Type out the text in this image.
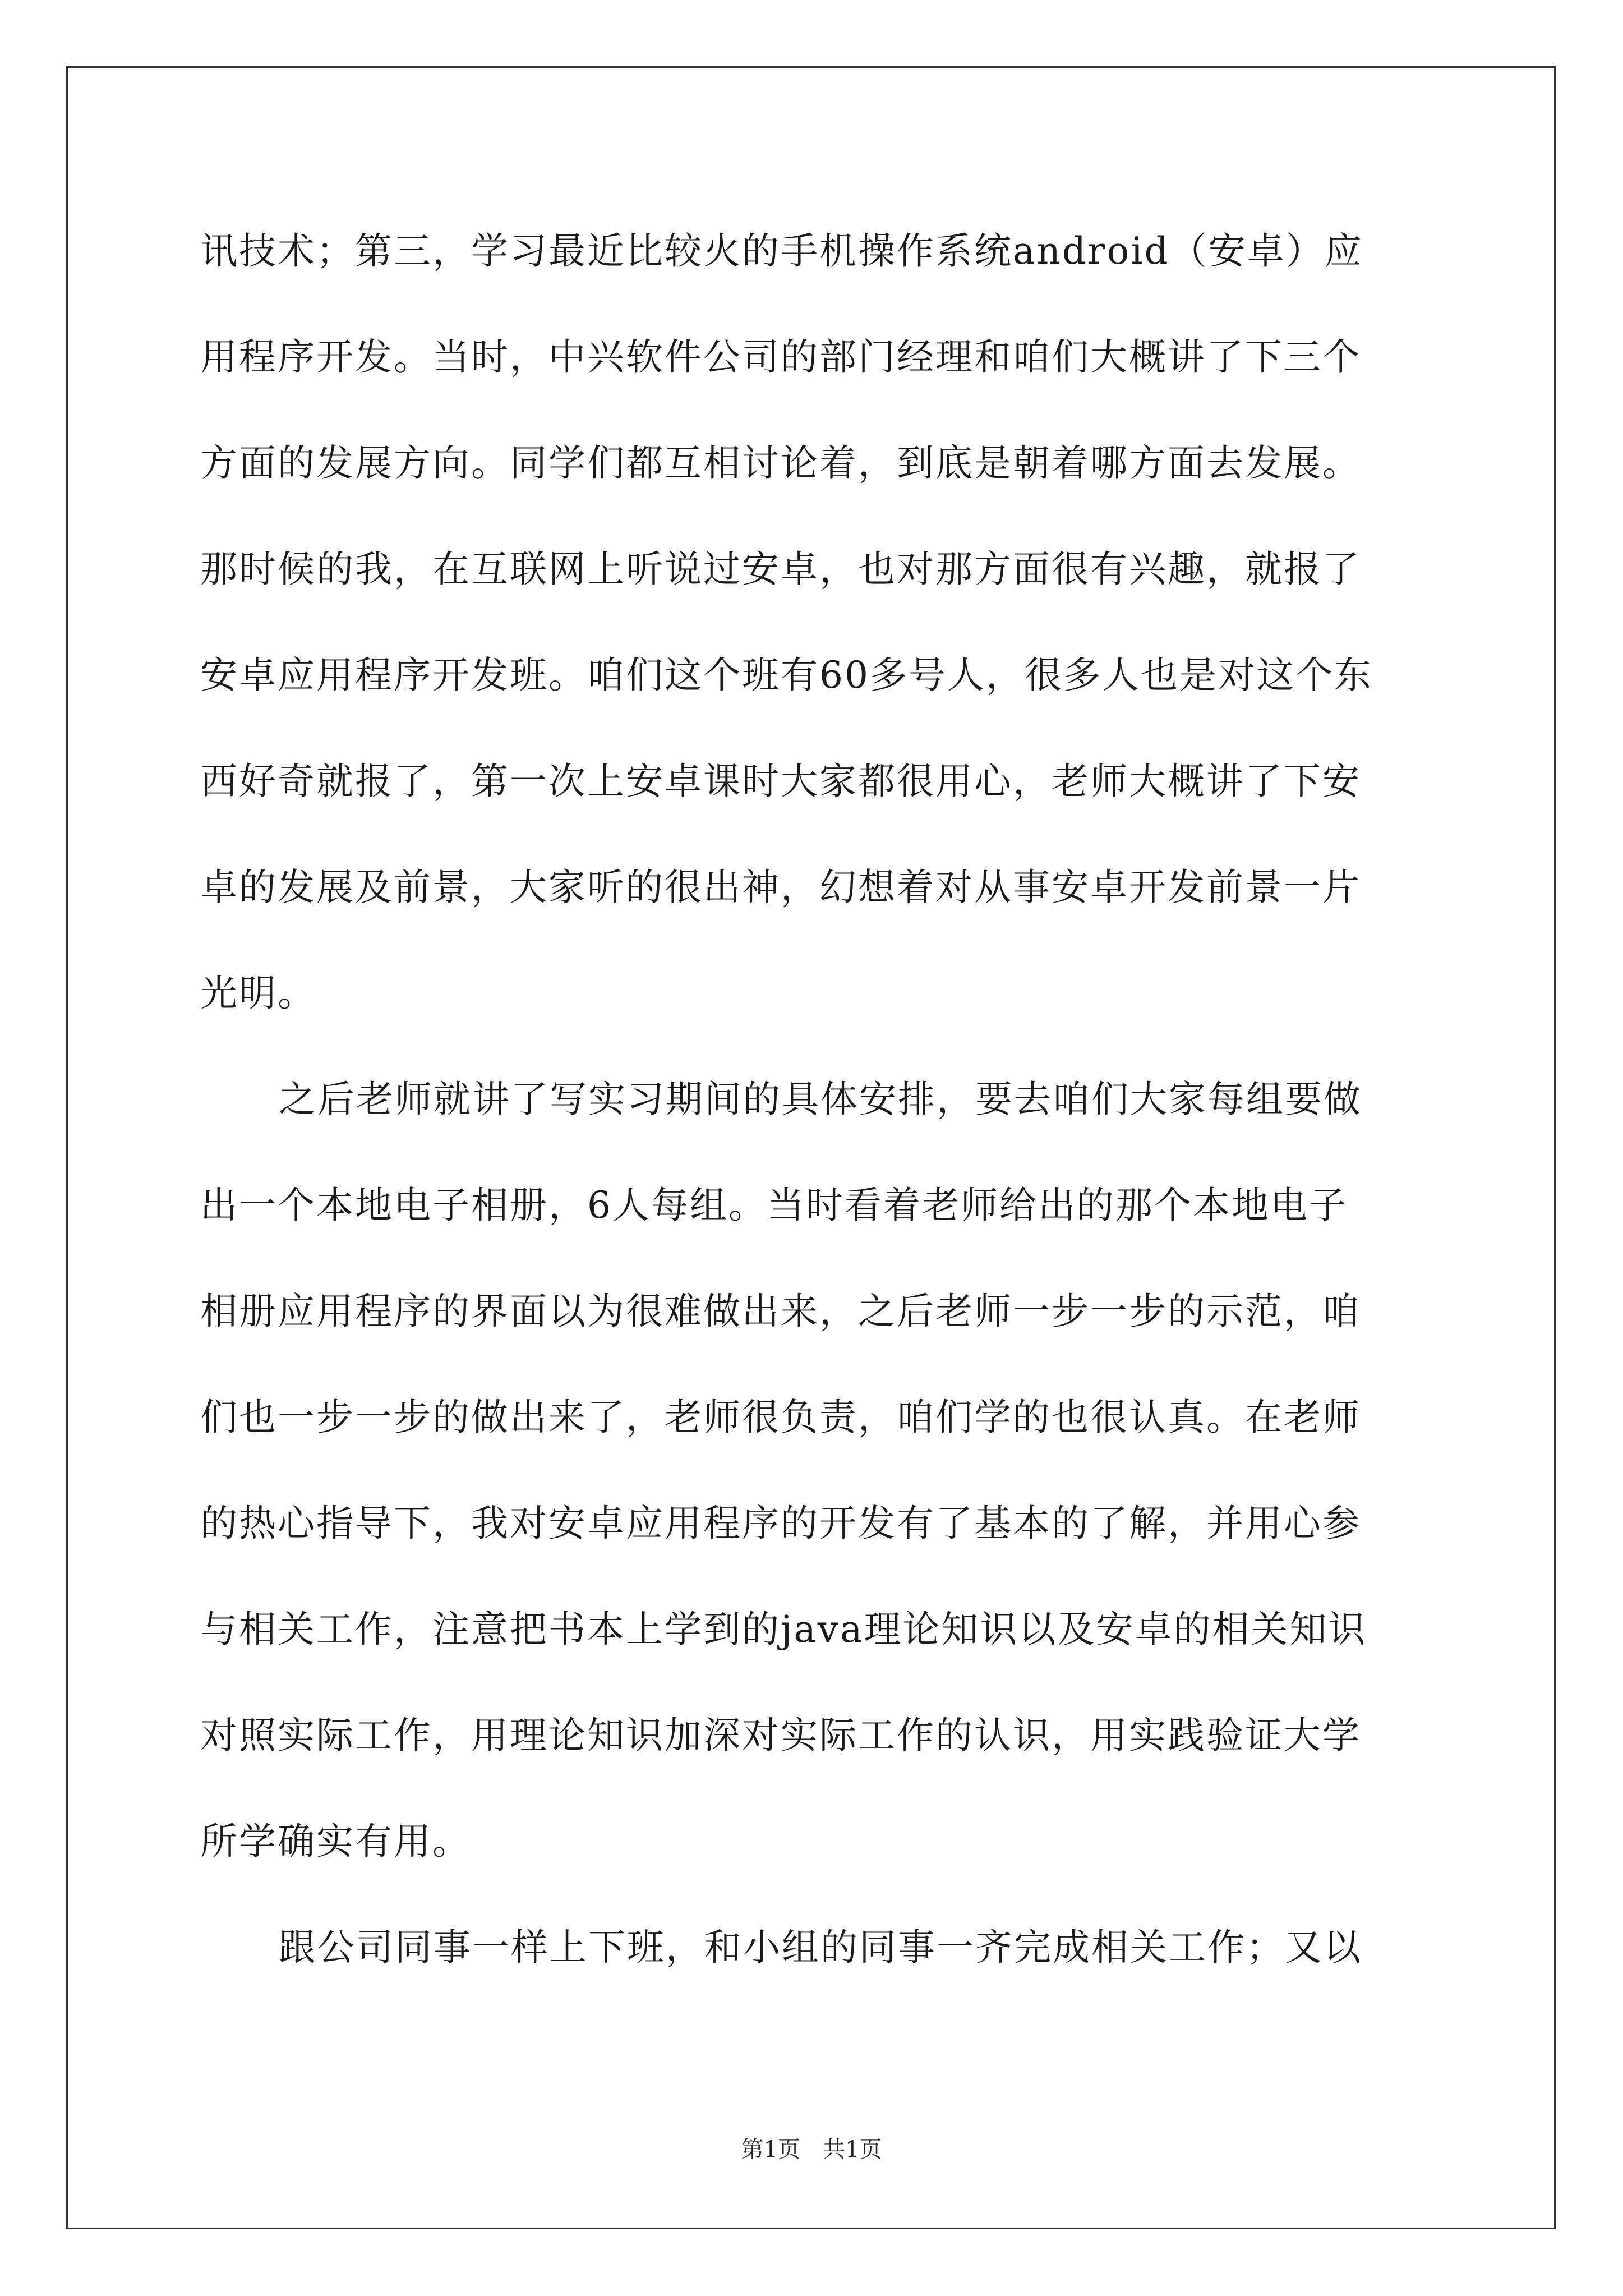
讯技术；第三，学习最近比较火的手机操作系统android（安卓）应
用程序开发。当时，中兴软件公司的部门经理和咱们大概讲了下三个
方面的发展方向。同学们都互相讨论着，到底是朝着哪方面去发展。
那时候的我，在互联网上听说过安卓，也对那方面很有兴趣，就报了
安卓应用程序开发班。咱们这个班有60多号人，很多人也是对这个东
西好奇就报了，第一次上安卓课时大家都很用心，老师大概讲了下安
卓的发展及前景，大家听的很出神，幻想着对从事安卓开发前景一片
光明。
之后老师就讲了写实习期间的具体安排，要去咱们大家每组要做
出一个本地电子相册，6人每组。当时看着老师给出的那个本地电子
相册应用程序的界面以为很难做出来，之后老师一步一步的示范，咱
们也一步一步的做出来了，老师很负责，咱们学的也很认真。在老师
的热心指导下，我对安卓应用程序的开发有了基本的了解，并用心参
与相关工作，注意把书本上学到的java理论知识以及安卓的相关知识
对照实际工作，用理论知识加深对实际工作的认识，用实践验证大学
所学确实有用。
跟公司同事一样上下班，和小组的同事一齐完成相关工作；又以
第1页　共1页
